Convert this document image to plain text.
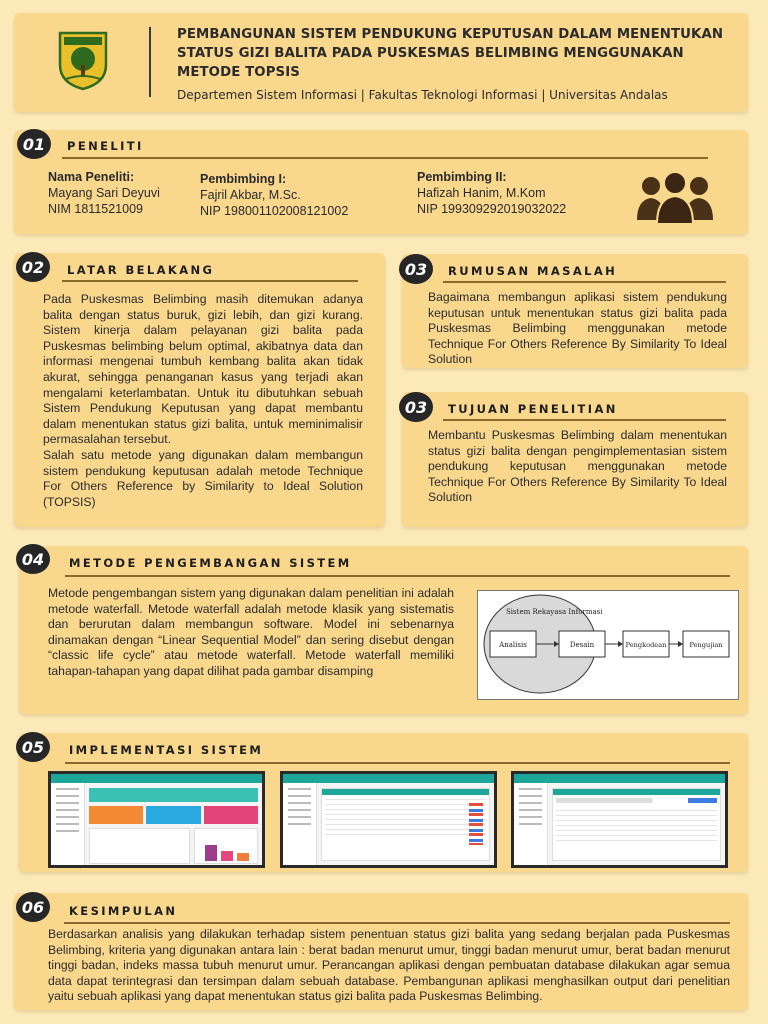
PEMBANGUNAN SISTEM PENDUKUNG KEPUTUSAN DALAM MENENTUKAN STATUS GIZI BALITA PADA PUSKESMAS BELIMBING MENGGUNAKAN METODE TOPSIS
Departemen Sistem Informasi | Fakultas Teknologi Informasi | Universitas Andalas
01	PENELITI
Nama Peneliti:
Mayang Sari Deyuvi
NIM 1811521009
Pembimbing I:
Fajril Akbar, M.Sc.
NIP 198001102008121002
Pembimbing II:
Hafizah Hanim, M.Kom
NIP 199309292019032022
02	LATAR BELAKANG
Pada Puskesmas Belimbing masih ditemukan adanya balita dengan status buruk, gizi lebih, dan gizi kurang. Sistem kinerja dalam pelayanan gizi balita pada Puskesmas belimbing belum optimal, akibatnya data dan informasi mengenai tumbuh kembang balita akan tidak akurat, sehingga penanganan kasus yang terjadi akan mengalami keterlambatan. Untuk itu dibutuhkan sebuah Sistem Pendukung Keputusan yang dapat membantu dalam menentukan status gizi balita, untuk meminimalisir permasalahan tersebut.
Salah satu metode yang digunakan dalam membangun sistem pendukung keputusan adalah metode Technique For Others Reference by Similarity to Ideal Solution (TOPSIS)
03	RUMUSAN MASALAH
Bagaimana membangun aplikasi sistem pendukung keputusan untuk menentukan status gizi balita pada Puskesmas Belimbing menggunakan metode Technique For Others Reference By Similarity To Ideal Solution
03	TUJUAN PENELITIAN
Membantu Puskesmas Belimbing dalam menentukan status gizi balita dengan pengimplementasian sistem pendukung keputusan menggunakan metode Technique For Others Reference By Similarity To Ideal Solution
04	METODE PENGEMBANGAN SISTEM
Metode pengembangan sistem yang digunakan dalam penelitian ini adalah metode waterfall. Metode waterfall adalah metode klasik yang sistematis dan berurutan dalam membangun software. Model ini sebenarnya dinamakan dengan “Linear Sequential Model” dan sering disebut dengan “classic life cycle” atau metode waterfall. Metode waterfall memiliki tahapan-tahapan yang dapat dilihat pada gambar disamping
Sistem Rekayasa Informasi
Analisis	Desain	Pengkodean	Pengujian
05	IMPLEMENTASI SISTEM
06	KESIMPULAN
Berdasarkan analisis yang dilakukan terhadap sistem penentuan status gizi balita yang sedang berjalan pada Puskesmas Belimbing, kriteria yang digunakan antara lain : berat badan menurut umur, tinggi badan menurut umur, berat badan menurut tinggi badan, indeks massa tubuh menurut umur. Perancangan aplikasi dengan pembuatan database dilakukan agar semua data dapat terintegrasi dan tersimpan dalam sebuah database. Pembangunan aplikasi menghasilkan output dari penelitian yaitu sebuah aplikasi yang dapat menentukan status gizi balita pada Puskesmas Belimbing.
